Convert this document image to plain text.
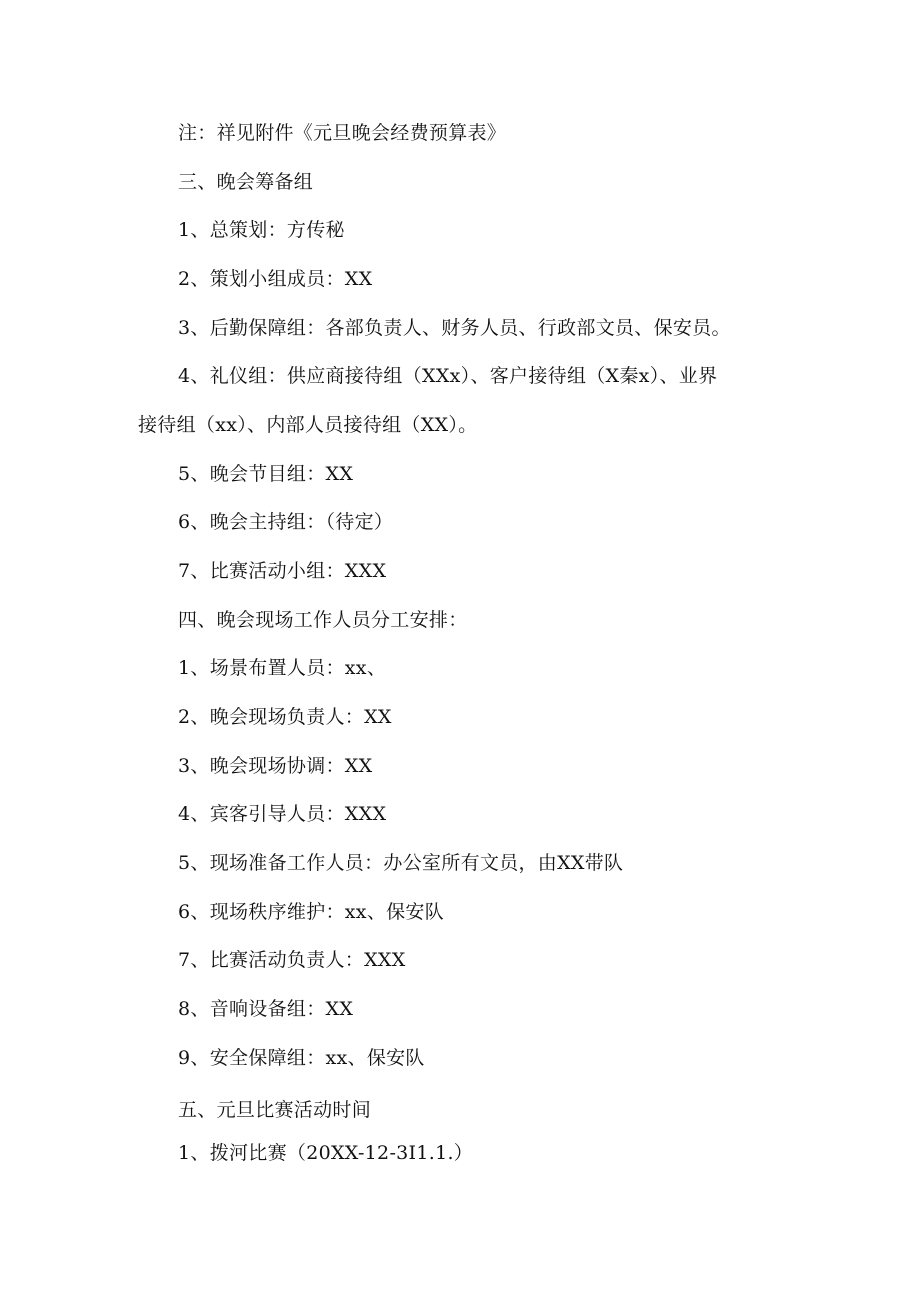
注：祥见附件《元旦晚会经费预算表》
三、晚会筹备组
1、总策划：方传秘
2、策划小组成员：XX
3、后勤保障组：各部负责人、财务人员、行政部文员、保安员。
4、礼仪组：供应商接待组（XXx）、客户接待组（X秦x）、业界
接待组（xx）、内部人员接待组（XX）。
5、晚会节目组：XX
6、晚会主持组：（待定）
7、比赛活动小组：XXX
四、晚会现场工作人员分工安排：
1、场景布置人员：xx、
2、晚会现场负责人：XX
3、晚会现场协调：XX
4、宾客引导人员：XXX
5、现场准备工作人员：办公室所有文员，由XX带队
6、现场秩序维护：xx、保安队
7、比赛活动负责人：XXX
8、音响设备组：XX
9、安全保障组：xx、保安队
五、元旦比赛活动时间
1、拨河比赛（20XX-12-3I1.1.）
